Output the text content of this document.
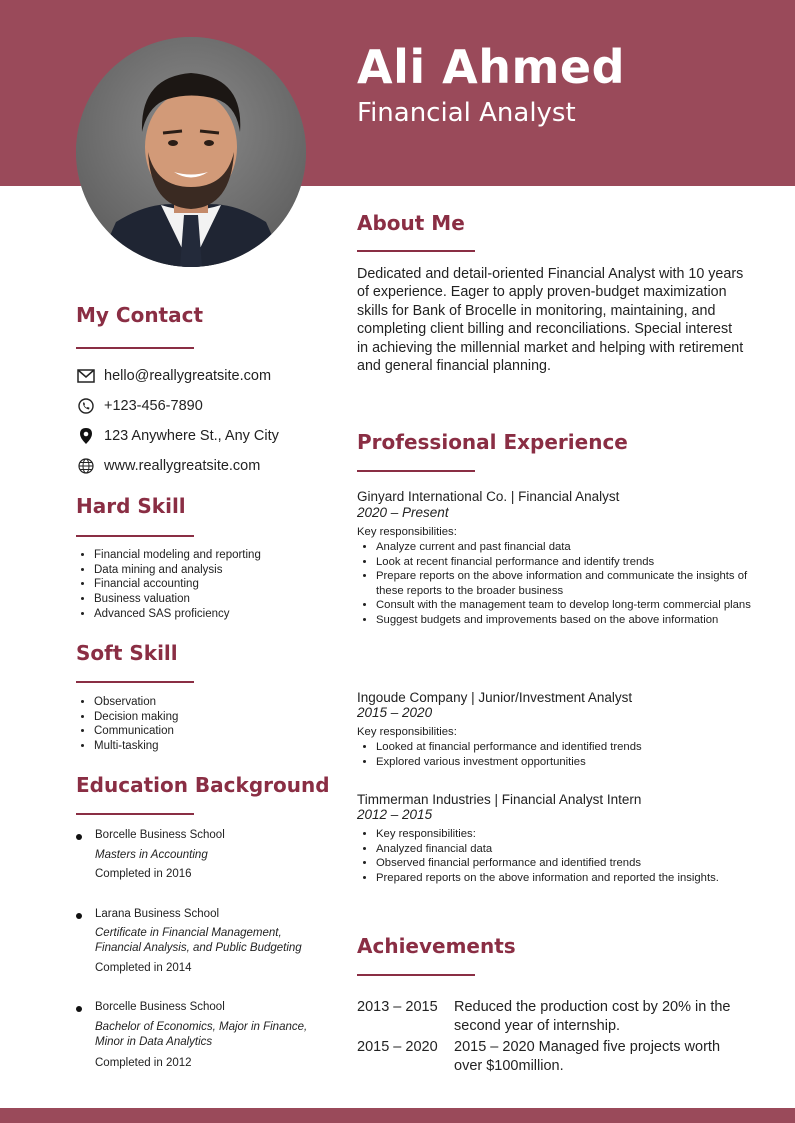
Ali Ahmed
Financial Analyst
My Contact
hello@reallygreatsite.com
+123-456-7890
123 Anywhere St., Any City
www.reallygreatsite.com
Hard Skill
• Financial modeling and reporting
• Data mining and analysis
• Financial accounting
• Business valuation
• Advanced SAS proficiency
Soft Skill
• Observation
• Decision making
• Communication
• Multi-tasking
Education Background
Borcelle Business School
Masters in Accounting
Completed in 2016
Larana Business School
Certificate in Financial Management,
Financial Analysis, and Public Budgeting
Completed in 2014
Borcelle Business School
Bachelor of Economics, Major in Finance,
Minor in Data Analytics
Completed in 2012
About Me
Dedicated and detail-oriented Financial Analyst with 10 years of experience. Eager to apply proven-budget maximization skills for Bank of Brocelle in monitoring, maintaining, and completing client billing and reconciliations. Special interest in achieving the millennial market and helping with retirement and general financial planning.
Professional Experience
Ginyard International Co. | Financial Analyst
2020 – Present
Key responsibilities:
• Analyze current and past financial data
• Look at recent financial performance and identify trends
• Prepare reports on the above information and communicate the insights of these reports to the broader business
• Consult with the management team to develop long-term commercial plans
• Suggest budgets and improvements based on the above information
Ingoude Company | Junior/Investment Analyst
2015 – 2020
Key responsibilities:
• Looked at financial performance and identified trends
• Explored various investment opportunities
Timmerman Industries | Financial Analyst Intern
2012 – 2015
• Key responsibilities:
• Analyzed financial data
• Observed financial performance and identified trends
• Prepared reports on the above information and reported the insights.
Achievements
2013 – 2015 Reduced the production cost by 20% in the second year of internship.
2015 – 2020 2015 – 2020 Managed five projects worth over $100million.
